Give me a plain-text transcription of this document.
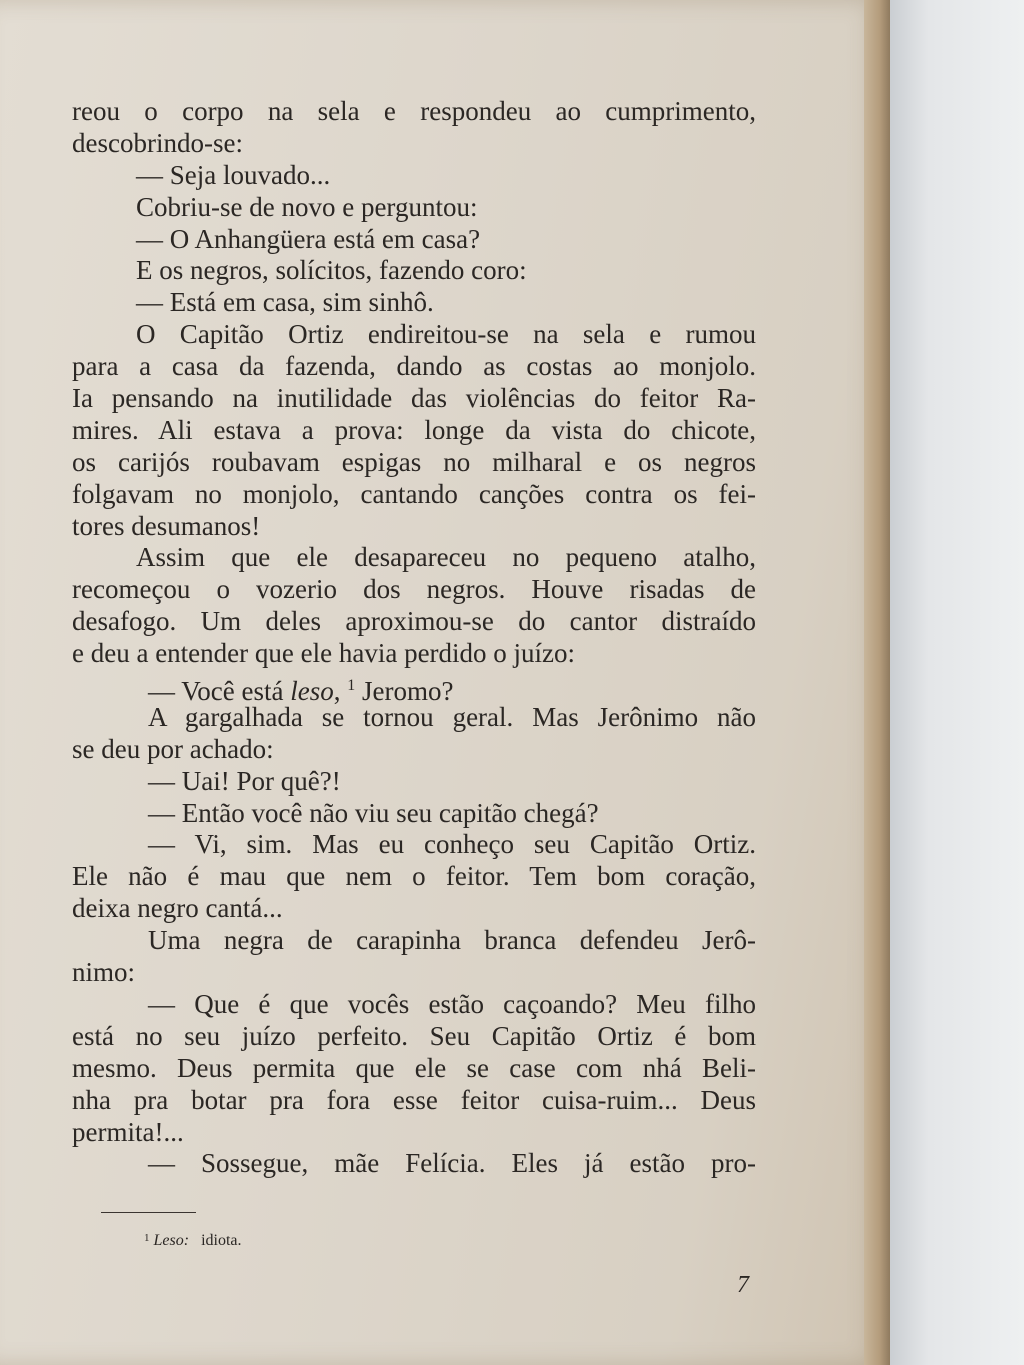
reou o corpo na sela e respondeu ao cumprimento,
descobrindo-se:
— Seja louvado...
Cobriu-se de novo e perguntou:
— O Anhangüera está em casa?
E os negros, solícitos, fazendo coro:
— Está em casa, sim sinhô.
O Capitão Ortiz endireitou-se na sela e rumou
para a casa da fazenda, dando as costas ao monjolo.
Ia pensando na inutilidade das violências do feitor Ra-
mires. Ali estava a prova: longe da vista do chicote,
os carijós roubavam espigas no milharal e os negros
folgavam no monjolo, cantando canções contra os fei-
tores desumanos!
Assim que ele desapareceu no pequeno atalho,
recomeçou o vozerio dos negros. Houve risadas de
desafogo. Um deles aproximou-se do cantor distraído
e deu a entender que ele havia perdido o juízo:
— Você está leso, $^1$ Jeromo?
A gargalhada se tornou geral. Mas Jerônimo não
se deu por achado:
— Uai! Por quê?!
— Então você não viu seu capitão chegá?
— Vi, sim. Mas eu conheço seu Capitão Ortiz.
Ele não é mau que nem o feitor. Tem bom coração,
deixa negro cantá...
Uma negra de carapinha branca defendeu Jerô-
nimo:
— Que é que vocês estão caçoando? Meu filho
está no seu juízo perfeito. Seu Capitão Ortiz é bom
mesmo. Deus permita que ele se case com nhá Beli-
nha pra botar pra fora esse feitor cuisa-ruim... Deus
permita!...
— Sossegue, mãe Felícia. Eles já estão pro-
$^1$ Leso: idiota.
7
